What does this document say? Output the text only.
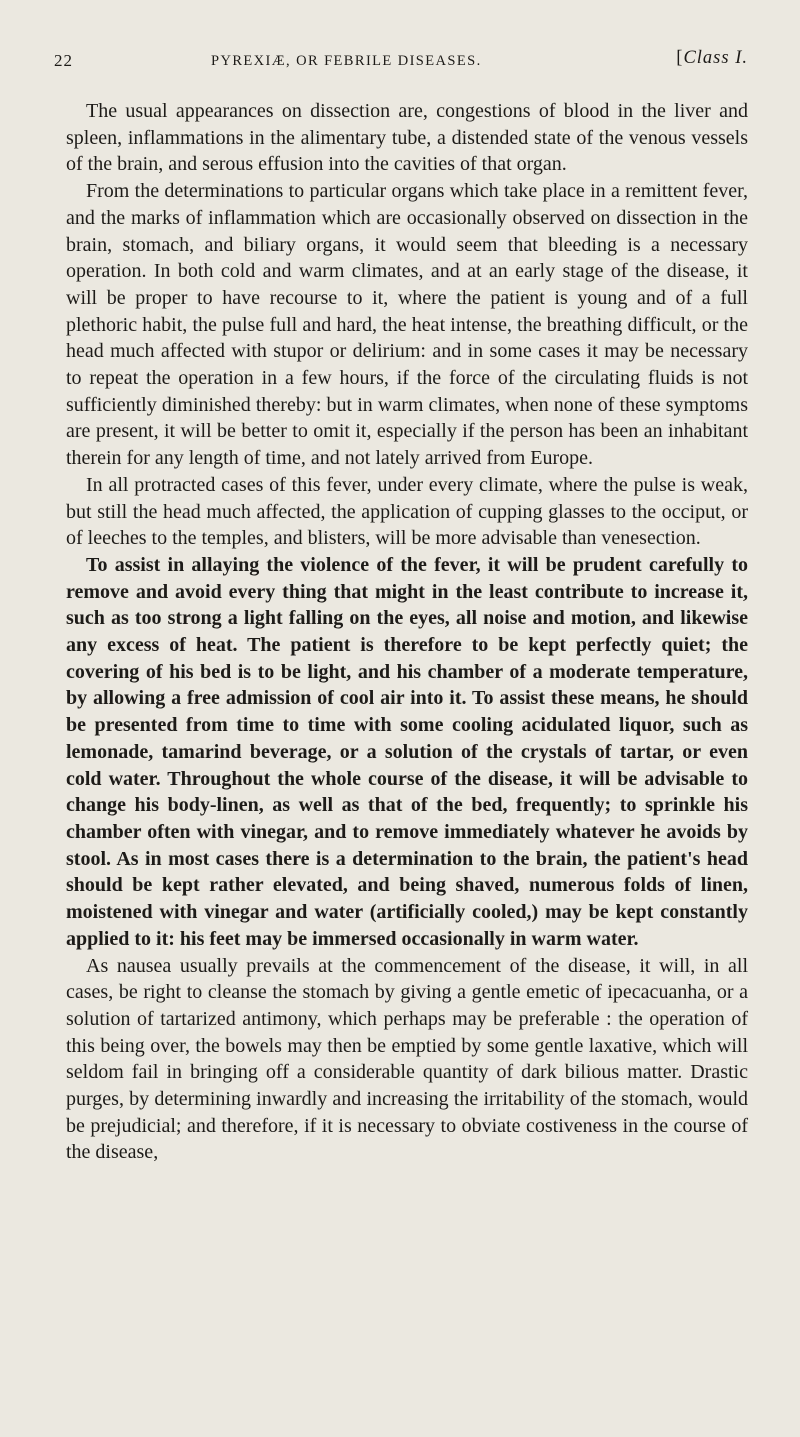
22	PYREXIÆ, OR FEBRILE DISEASES.	[Class I.

The usual appearances on dissection are, congestions of blood in the liver and spleen, inflammations in the alimentary tube, a distended state of the venous vessels of the brain, and serous effusion into the cavities of that organ.

From the determinations to particular organs which take place in a remittent fever, and the marks of inflammation which are occasionally observed on dissection in the brain, stomach, and biliary organs, it would seem that bleeding is a necessary operation. In both cold and warm climates, and at an early stage of the disease, it will be proper to have recourse to it, where the patient is young and of a full plethoric habit, the pulse full and hard, the heat intense, the breathing difficult, or the head much affected with stupor or delirium: and in some cases it may be necessary to repeat the operation in a few hours, if the force of the circulating fluids is not sufficiently diminished thereby: but in warm climates, when none of these symptoms are present, it will be better to omit it, especially if the person has been an inhabitant therein for any length of time, and not lately arrived from Europe.

In all protracted cases of this fever, under every climate, where the pulse is weak, but still the head much affected, the application of cupping glasses to the occiput, or of leeches to the temples, and blisters, will be more advisable than venesection.

To assist in allaying the violence of the fever, it will be prudent carefully to remove and avoid every thing that might in the least contribute to increase it, such as too strong a light falling on the eyes, all noise and motion, and likewise any excess of heat. The patient is therefore to be kept perfectly quiet; the covering of his bed is to be light, and his chamber of a moderate temperature, by allowing a free admission of cool air into it. To assist these means, he should be presented from time to time with some cooling acidulated liquor, such as lemonade, tamarind beverage, or a solution of the crystals of tartar, or even cold water. Throughout the whole course of the disease, it will be advisable to change his body-linen, as well as that of the bed, frequently; to sprinkle his chamber often with vinegar, and to remove immediately whatever he avoids by stool. As in most cases there is a determination to the brain, the patient's head should be kept rather elevated, and being shaved, numerous folds of linen, moistened with vinegar and water (artificially cooled,) may be kept constantly applied to it: his feet may be immersed occasionally in warm water.

As nausea usually prevails at the commencement of the disease, it will, in all cases, be right to cleanse the stomach by giving a gentle emetic of ipecacuanha, or a solution of tartarized antimony, which perhaps may be preferable : the operation of this being over, the bowels may then be emptied by some gentle laxative, which will seldom fail in bringing off a considerable quantity of dark bilious matter. Drastic purges, by determining inwardly and increasing the irritability of the stomach, would be prejudicial; and therefore, if it is necessary to obviate costiveness in the course of the disease,
